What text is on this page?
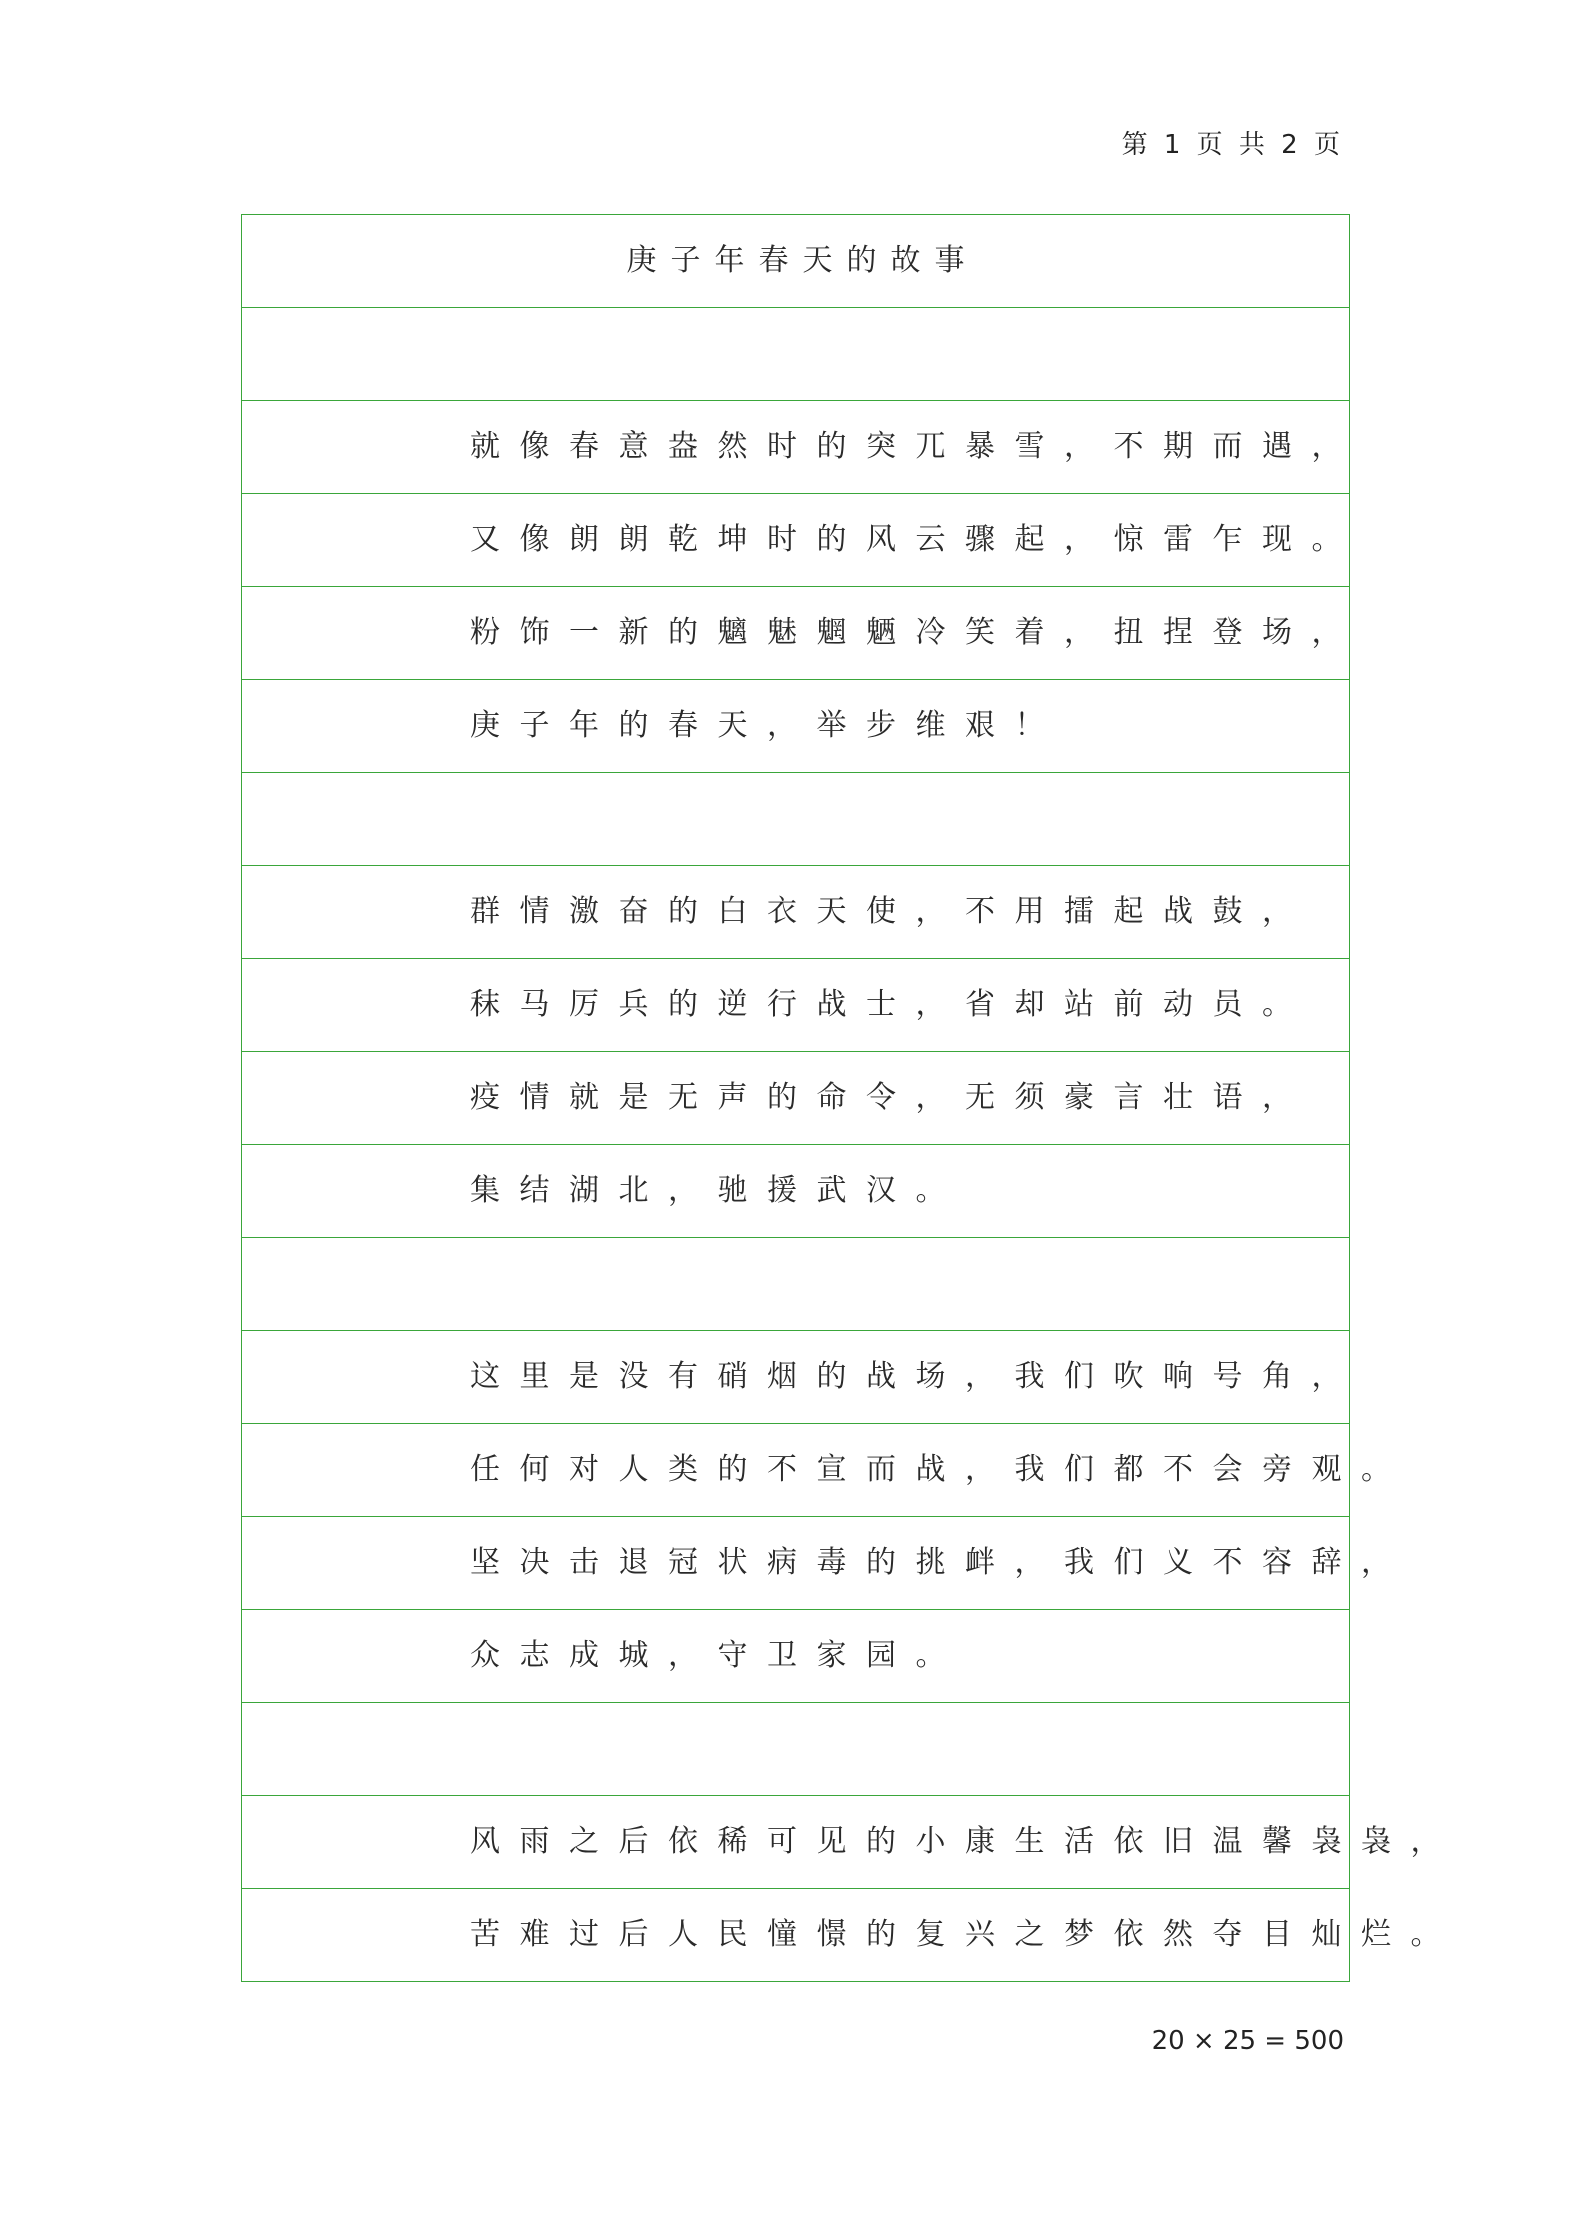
第 1 页 共 2 页
庚子年春天的故事
就像春意盎然时的突兀暴雪，不期而遇，
又像朗朗乾坤时的风云骤起，惊雷乍现。
粉饰一新的魑魅魍魉冷笑着，扭捏登场，
庚子年的春天，举步维艰！
群情激奋的白衣天使，不用擂起战鼓，
秣马厉兵的逆行战士，省却站前动员。
疫情就是无声的命令，无须豪言壮语，
集结湖北，驰援武汉。
这里是没有硝烟的战场，我们吹响号角，
任何对人类的不宣而战，我们都不会旁观。
坚决击退冠状病毒的挑衅，我们义不容辞，
众志成城，守卫家园。
风雨之后依稀可见的小康生活依旧温馨袅袅，
苦难过后人民憧憬的复兴之梦依然夺目灿烂。
20 × 25 = 500
